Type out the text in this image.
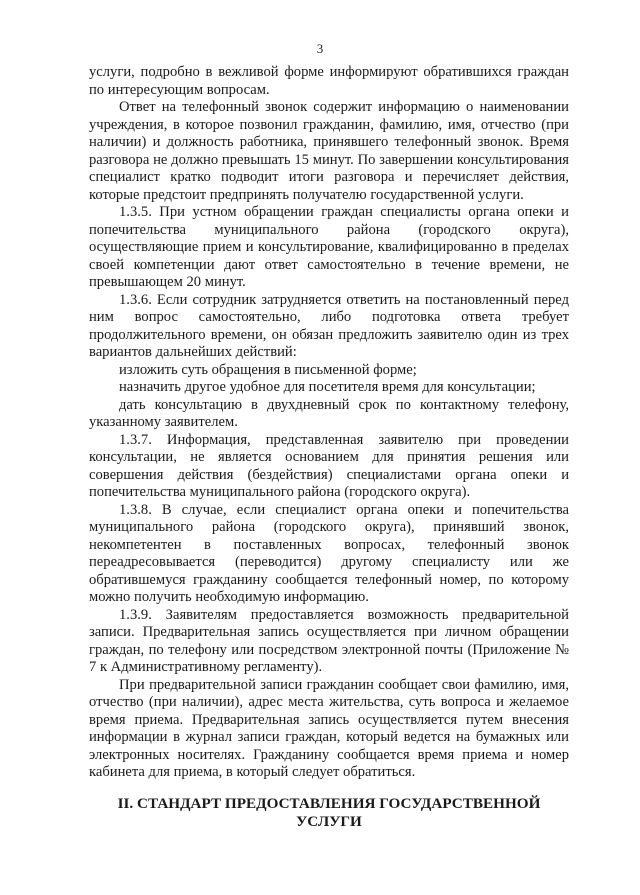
3

услуги, подробно в вежливой форме информируют обратившихся граждан по интересующим вопросам.

Ответ на телефонный звонок содержит информацию о наименовании учреждения, в которое позвонил гражданин, фамилию, имя, отчество (при наличии) и должность работника, принявшего телефонный звонок. Время разговора не должно превышать 15 минут. По завершении консультирования специалист кратко подводит итоги разговора и перечисляет действия, которые предстоит предпринять получателю государственной услуги.

1.3.5. При устном обращении граждан специалисты органа опеки и попечительства муниципального района (городского округа), осуществляющие прием и консультирование, квалифицированно в пределах своей компетенции дают ответ самостоятельно в течение времени, не превышающем 20 минут.

1.3.6. Если сотрудник затрудняется ответить на постановленный перед ним вопрос самостоятельно, либо подготовка ответа требует продолжительного времени, он обязан предложить заявителю один из трех вариантов дальнейших действий:

изложить суть обращения в письменной форме;

назначить другое удобное для посетителя время для консультации;

дать консультацию в двухдневный срок по контактному телефону, указанному заявителем.

1.3.7. Информация, представленная заявителю при проведении консультации, не является основанием для принятия решения или совершения действия (бездействия) специалистами органа опеки и попечительства муниципального района (городского округа).

1.3.8. В случае, если специалист органа опеки и попечительства муниципального района (городского округа), принявший звонок, некомпетентен в поставленных вопросах, телефонный звонок переадресовывается (переводится) другому специалисту или же обратившемуся гражданину сообщается телефонный номер, по которому можно получить необходимую информацию.

1.3.9. Заявителям предоставляется возможность предварительной записи. Предварительная запись осуществляется при личном обращении граждан, по телефону или посредством электронной почты (Приложение № 7 к Административному регламенту).

При предварительной записи гражданин сообщает свои фамилию, имя, отчество (при наличии), адрес места жительства, суть вопроса и желаемое время приема. Предварительная запись осуществляется путем внесения информации в журнал записи граждан, который ведется на бумажных или электронных носителях. Гражданину сообщается время приема и номер кабинета для приема, в который следует обратиться.

II. СТАНДАРТ ПРЕДОСТАВЛЕНИЯ ГОСУДАРСТВЕННОЙ УСЛУГИ
